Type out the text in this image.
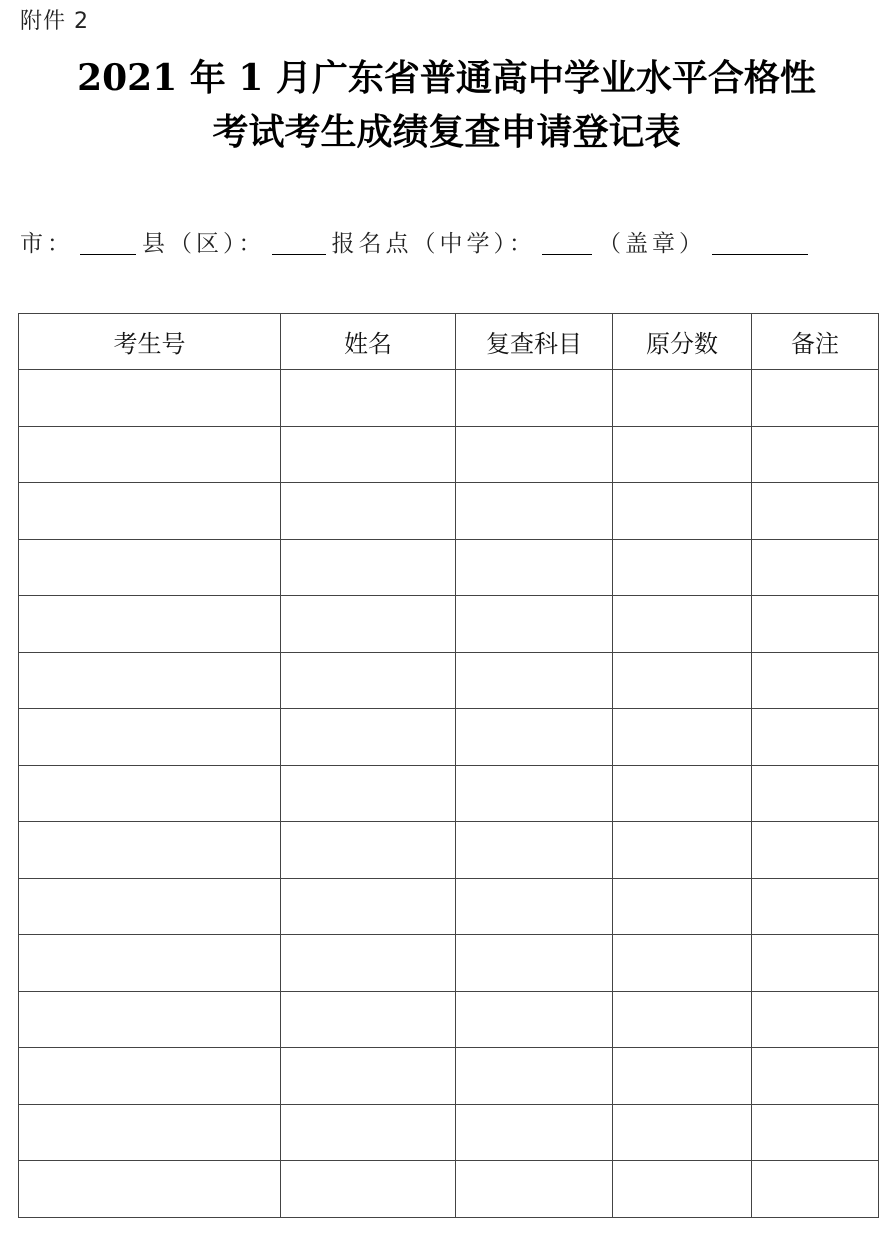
附件 2
2021 年 1 月广东省普通高中学业水平合格性
考试考生成绩复查申请登记表
市：	县（区）：	报名点（中学）：	（盖章）
考生号	姓名	复查科目	原分数	备注
